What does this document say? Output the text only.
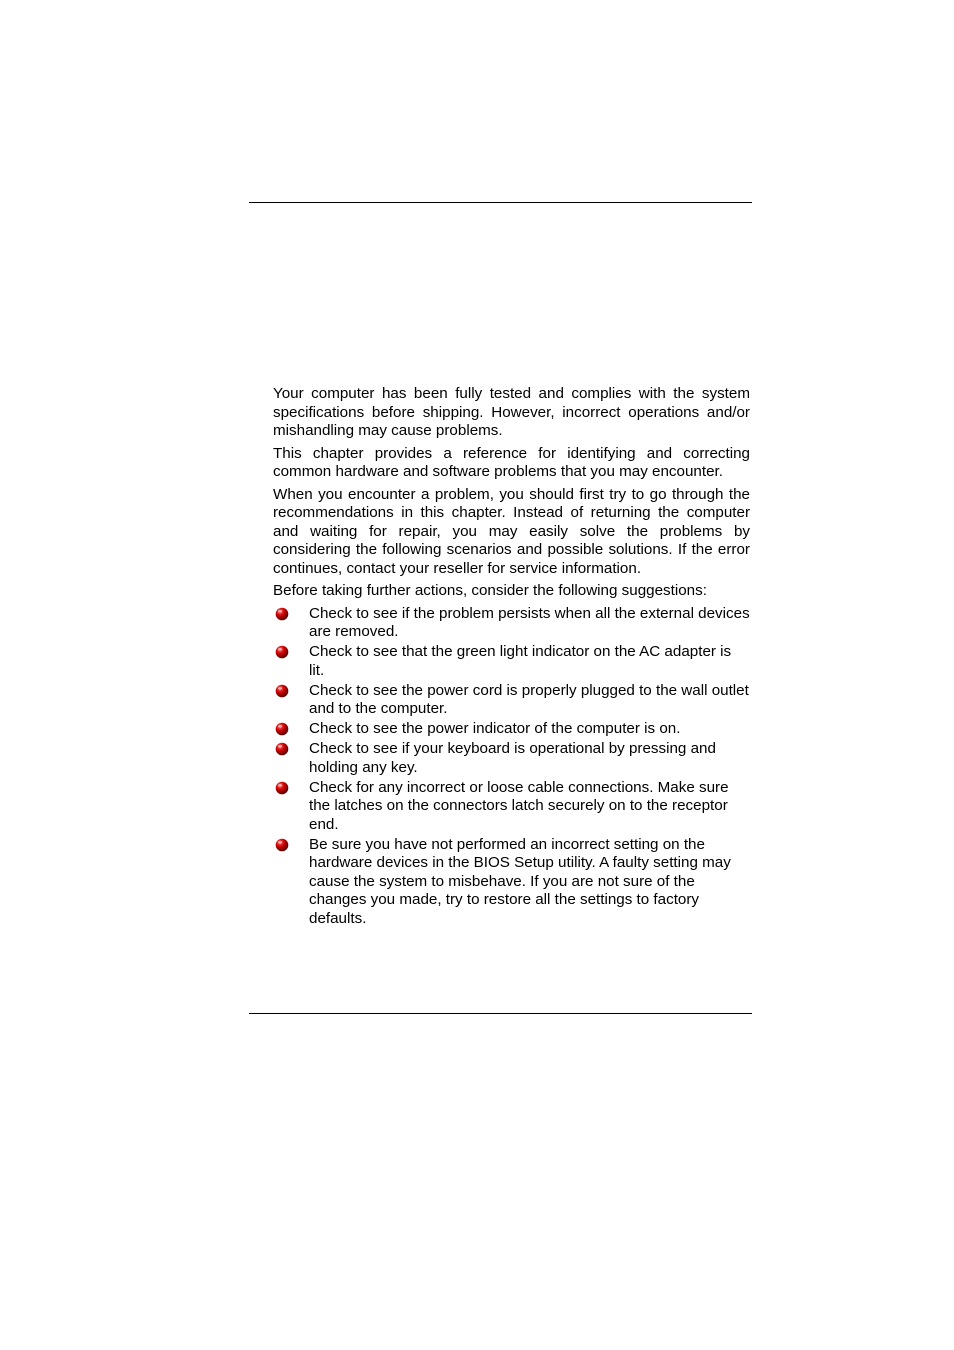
Your computer has been fully tested and complies with the system specifications before shipping. However, incorrect operations and/or mishandling may cause problems.

This chapter provides a reference for identifying and correcting common hardware and software problems that you may encounter.

When you encounter a problem, you should first try to go through the recommendations in this chapter. Instead of returning the computer and waiting for repair, you may easily solve the problems by considering the following scenarios and possible solutions. If the error continues, contact your reseller for service information.

Before taking further actions, consider the following suggestions:

Check to see if the problem persists when all the external devices are removed.
Check to see that the green light indicator on the AC adapter is lit.
Check to see the power cord is properly plugged to the wall outlet and to the computer.
Check to see the power indicator of the computer is on.
Check to see if your keyboard is operational by pressing and holding any key.
Check for any incorrect or loose cable connections. Make sure the latches on the connectors latch securely on to the receptor end.
Be sure you have not performed an incorrect setting on the hardware devices in the BIOS Setup utility. A faulty setting may cause the system to misbehave. If you are not sure of the changes you made, try to restore all the settings to factory defaults.
